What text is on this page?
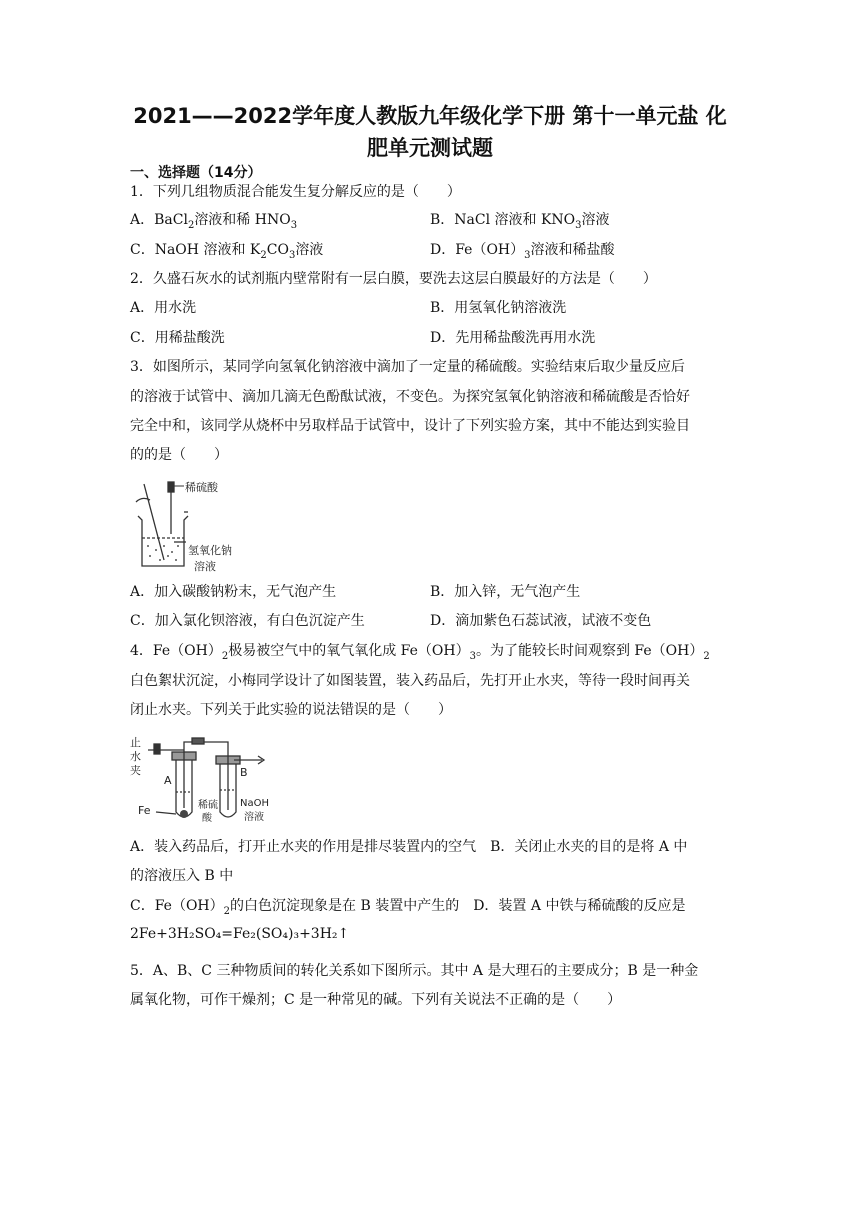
2021——2022学年度人教版九年级化学下册 第十一单元盐 化
肥单元测试题
一、选择题（14分）
1．下列几组物质混合能发生复分解反应的是（　　）
A．BaCl$_2$溶液和稀 $HNO_3$	B．NaCl 溶液和 $KNO_3$溶液
C．NaOH 溶液和 $K_2CO_3$溶液	D．$Fe(OH)_3$溶液和稀盐酸
2．久盛石灰水的试剂瓶内壁常附有一层白膜，要洗去这层白膜最好的方法是（　　）
A．用水洗	B．用氢氧化钠溶液洗
C．用稀盐酸洗	D．先用稀盐酸洗再用水洗
3．如图所示，某同学向氢氧化钠溶液中滴加了一定量的稀硫酸。实验结束后取少量反应后
的溶液于试管中、滴加几滴无色酚酞试液，不变色。为探究氢氧化钠溶液和稀硫酸是否恰好
完全中和，该同学从烧杯中另取样品于试管中，设计了下列实验方案，其中不能达到实验目
的的是（　　）
稀硫酸
氢氧化钠
溶液
A．加入碳酸钠粉末，无气泡产生	B．加入锌，无气泡产生
C．加入氯化钡溶液，有白色沉淀产生	D．滴加紫色石蕊试液，试液不变色
4．$Fe(OH)_2$极易被空气中的氧气氧化成 $Fe(OH)_3$。为了能较长时间观察到 $Fe(OH)_2$
白色絮状沉淀，小梅同学设计了如图装置，装入药品后，先打开止水夹，等待一段时间再关
闭止水夹。下列关于此实验的说法错误的是（　　）
止
水
夹
A
B
Fe	稀硫
酸
NaOH
溶液
A．装入药品后，打开止水夹的作用是排尽装置内的空气　B．关闭止水夹的目的是将 A 中
的溶液压入 B 中
C．$Fe(OH)_2$的白色沉淀现象是在 B 装置中产生的　D．装置 A 中铁与稀硫酸的反应是
2Fe+3H₂SO₄=Fe₂(SO₄)₃+3H₂↑
5．A、B、C 三种物质间的转化关系如下图所示。其中 A 是大理石的主要成分；B 是一种金
属氧化物，可作干燥剂；C 是一种常见的碱。下列有关说法不正确的是（　　）
